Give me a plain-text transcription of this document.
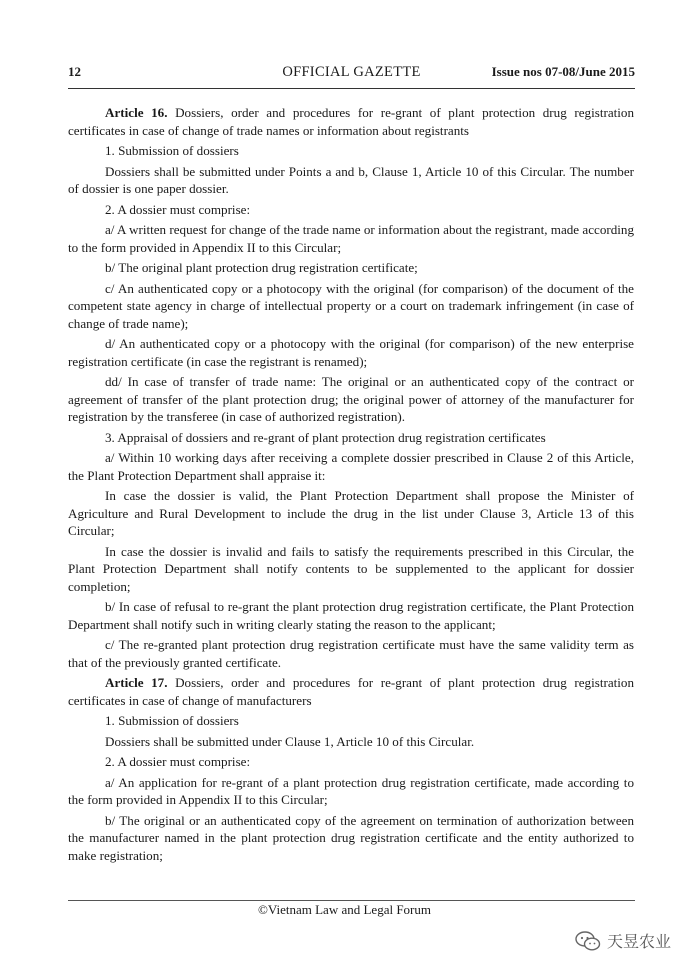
OFFICIAL GAZETTE
12	Issue nos 07-08/June 2015

Article 16. Dossiers, order and procedures for re-grant of plant protection drug registration certificates in case of change of trade names or information about registrants

1. Submission of dossiers

Dossiers shall be submitted under Points a and b, Clause 1, Article 10 of this Circular. The number of dossier is one paper dossier.

2. A dossier must comprise:

a/ A written request for change of the trade name or information about the registrant, made according to the form provided in Appendix II to this Circular;

b/ The original plant protection drug registration certificate;

c/ An authenticated copy or a photocopy with the original (for comparison) of the document of the competent state agency in charge of intellectual property or a court on trademark infringement (in case of change of trade name);

d/ An authenticated copy or a photocopy with the original (for comparison) of the new enterprise registration certificate (in case the registrant is renamed);

dd/ In case of transfer of trade name: The original or an authenticated copy of the contract or agreement of transfer of the plant protection drug; the original power of attorney of the manufacturer for registration by the transferee (in case of authorized registration).

3. Appraisal of dossiers and re-grant of plant protection drug registration certificates

a/ Within 10 working days after receiving a complete dossier prescribed in Clause 2 of this Article, the Plant Protection Department shall appraise it:

In case the dossier is valid, the Plant Protection Department shall propose the Minister of Agriculture and Rural Development to include the drug in the list under Clause 3, Article 13 of this Circular;

In case the dossier is invalid and fails to satisfy the requirements prescribed in this Circular, the Plant Protection Department shall notify contents to be supplemented to the applicant for dossier completion;

b/ In case of refusal to re-grant the plant protection drug registration certificate, the Plant Protection Department shall notify such in writing clearly stating the reason to the applicant;

c/ The re-granted plant protection drug registration certificate must have the same validity term as that of the previously granted certificate.

Article 17. Dossiers, order and procedures for re-grant of plant protection drug registration certificates in case of change of manufacturers

1. Submission of dossiers

Dossiers shall be submitted under Clause 1, Article 10 of this Circular.

2. A dossier must comprise:

a/ An application for re-grant of a plant protection drug registration certificate, made according to the form provided in Appendix II to this Circular;

b/ The original or an authenticated copy of the agreement on termination of authorization between the manufacturer named in the plant protection drug registration certificate and the entity authorized to make registration;

©Vietnam Law and Legal Forum
天昱农业
